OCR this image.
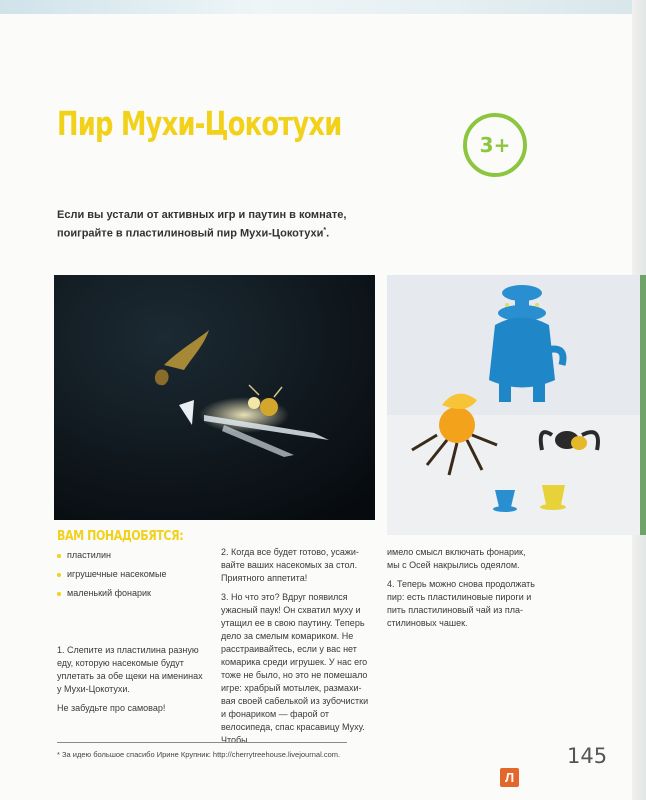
Пир Мухи-Цокотухи
3+
Если вы устали от активных игр и паутин в комнате,
поиграйте в пластилиновый пир Мухи-Цокотухи*.
ВАМ ПОНАДОБЯТСЯ:
пластилин
игрушечные насекомые
маленький фонарик

1. Слепите из пластилина разную еду, которую насекомые будут уплетать за обе щеки на именинах у Мухи-Цокотухи.

Не забудьте про самовар!

2. Когда все будет готово, усажи-вайте ваших насекомых за стол. Приятного аппетита!

3. Но что это? Вдруг появился ужасный паук! Он схватил муху и утащил ее в свою паутину. Теперь дело за смелым комариком. Не расстраивайтесь, если у вас нет комарика среди игрушек. У нас его тоже не было, но это не помешало игре: храбрый мотылек, размахи-вая своей сабелькой из зубочистки и фонариком — фарой от велосипеда, спас красавицу Муху. Чтобы

имело смысл включать фонарик, мы с Осей накрылись одеялом.

4. Теперь можно снова продолжать пир: есть пластилиновые пироги и пить пластилиновый чай из пла-стилиновых чашек.

* За идею большое спасибо Ирине Крупник: http://cherrytreehouse.livejournal.com.	145
Л
